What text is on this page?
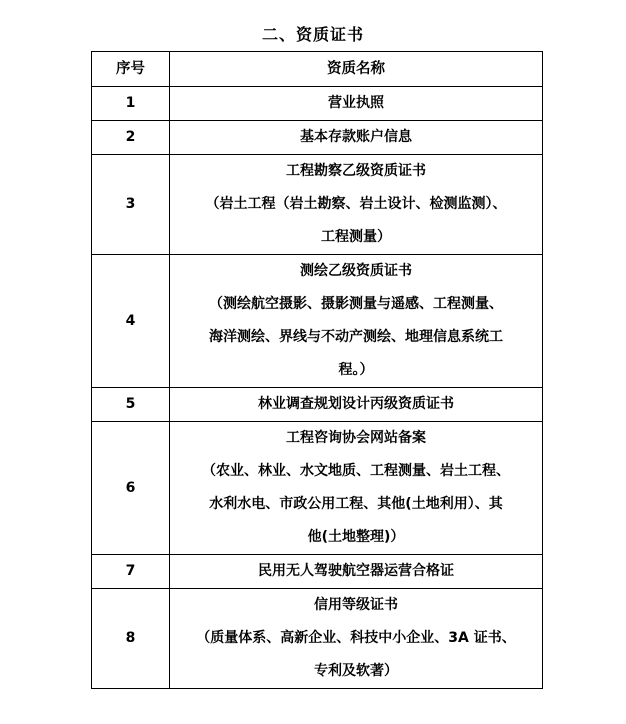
二、资质证书
序号	资质名称
1	营业执照

2	基本存款账户信息

3	工程勘察乙级资质证书
（岩土工程（岩土勘察、岩土设计、检测监测）、
工程测量）

4	测绘乙级资质证书
（测绘航空摄影、摄影测量与遥感、工程测量、
海洋测绘、界线与不动产测绘、地理信息系统工
程。）

5	林业调查规划设计丙级资质证书

6	工程咨询协会网站备案
（农业、林业、水文地质、工程测量、岩土工程、
水利水电、市政公用工程、其他(土地利用）、其
他(土地整理)）

7	民用无人驾驶航空器运营合格证

8	信用等级证书
（质量体系、高新企业、科技中小企业、3A 证书、
专利及软著）
